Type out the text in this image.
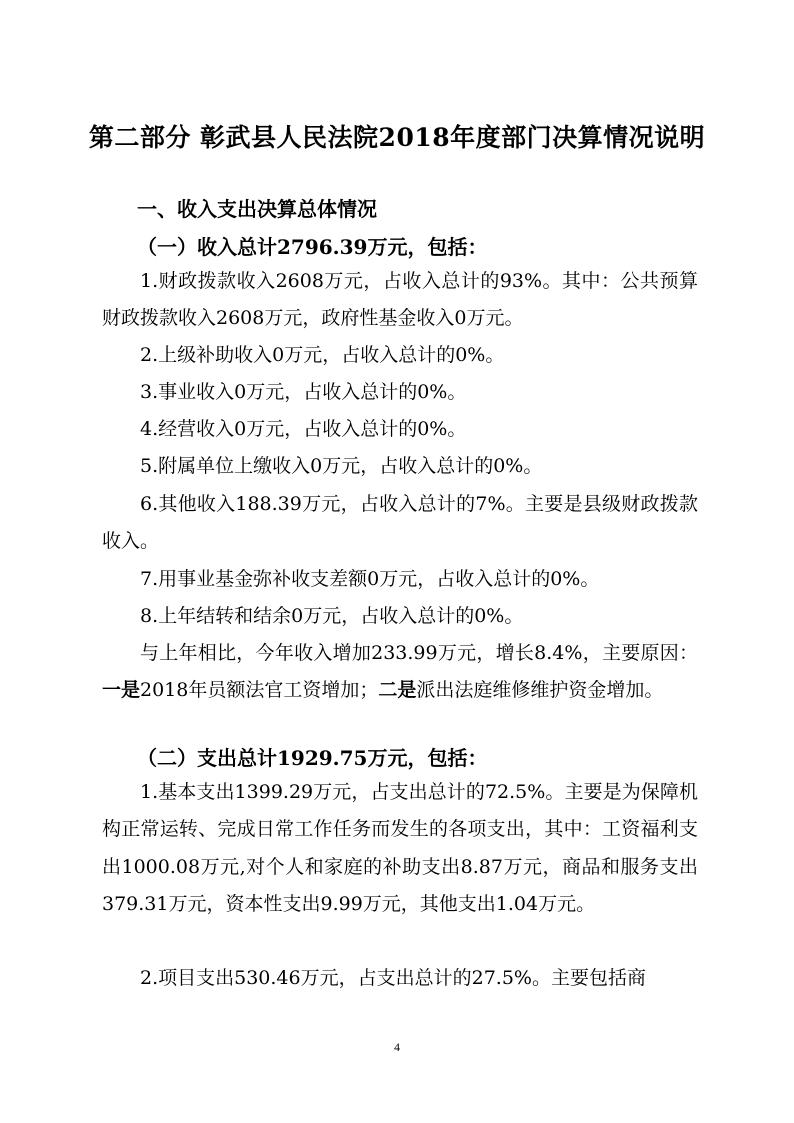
第二部分 彰武县人民法院2018年度部门决算情况说明
一、收入支出决算总体情况
（一）收入总计2796.39万元，包括：
1.财政拨款收入2608万元，占收入总计的93%。其中：公共预算财政拨款收入2608万元，政府性基金收入0万元。
2.上级补助收入0万元，占收入总计的0%。
3.事业收入0万元，占收入总计的0%。
4.经营收入0万元，占收入总计的0%。
5.附属单位上缴收入0万元，占收入总计的0%。
6.其他收入188.39万元，占收入总计的7%。主要是县级财政拨款收入。
7.用事业基金弥补收支差额0万元，占收入总计的0%。
8.上年结转和结余0万元，占收入总计的0%。
与上年相比，今年收入增加233.99万元，增长8.4%，主要原因：一是2018年员额法官工资增加；二是派出法庭维修维护资金增加。
（二）支出总计1929.75万元，包括：
1.基本支出1399.29万元，占支出总计的72.5%。主要是为保障机构正常运转、完成日常工作任务而发生的各项支出，其中：工资福利支出1000.08万元,对个人和家庭的补助支出8.87万元，商品和服务支出379.31万元，资本性支出9.99万元，其他支出1.04万元。
2.项目支出530.46万元，占支出总计的27.5%。主要包括商
4
